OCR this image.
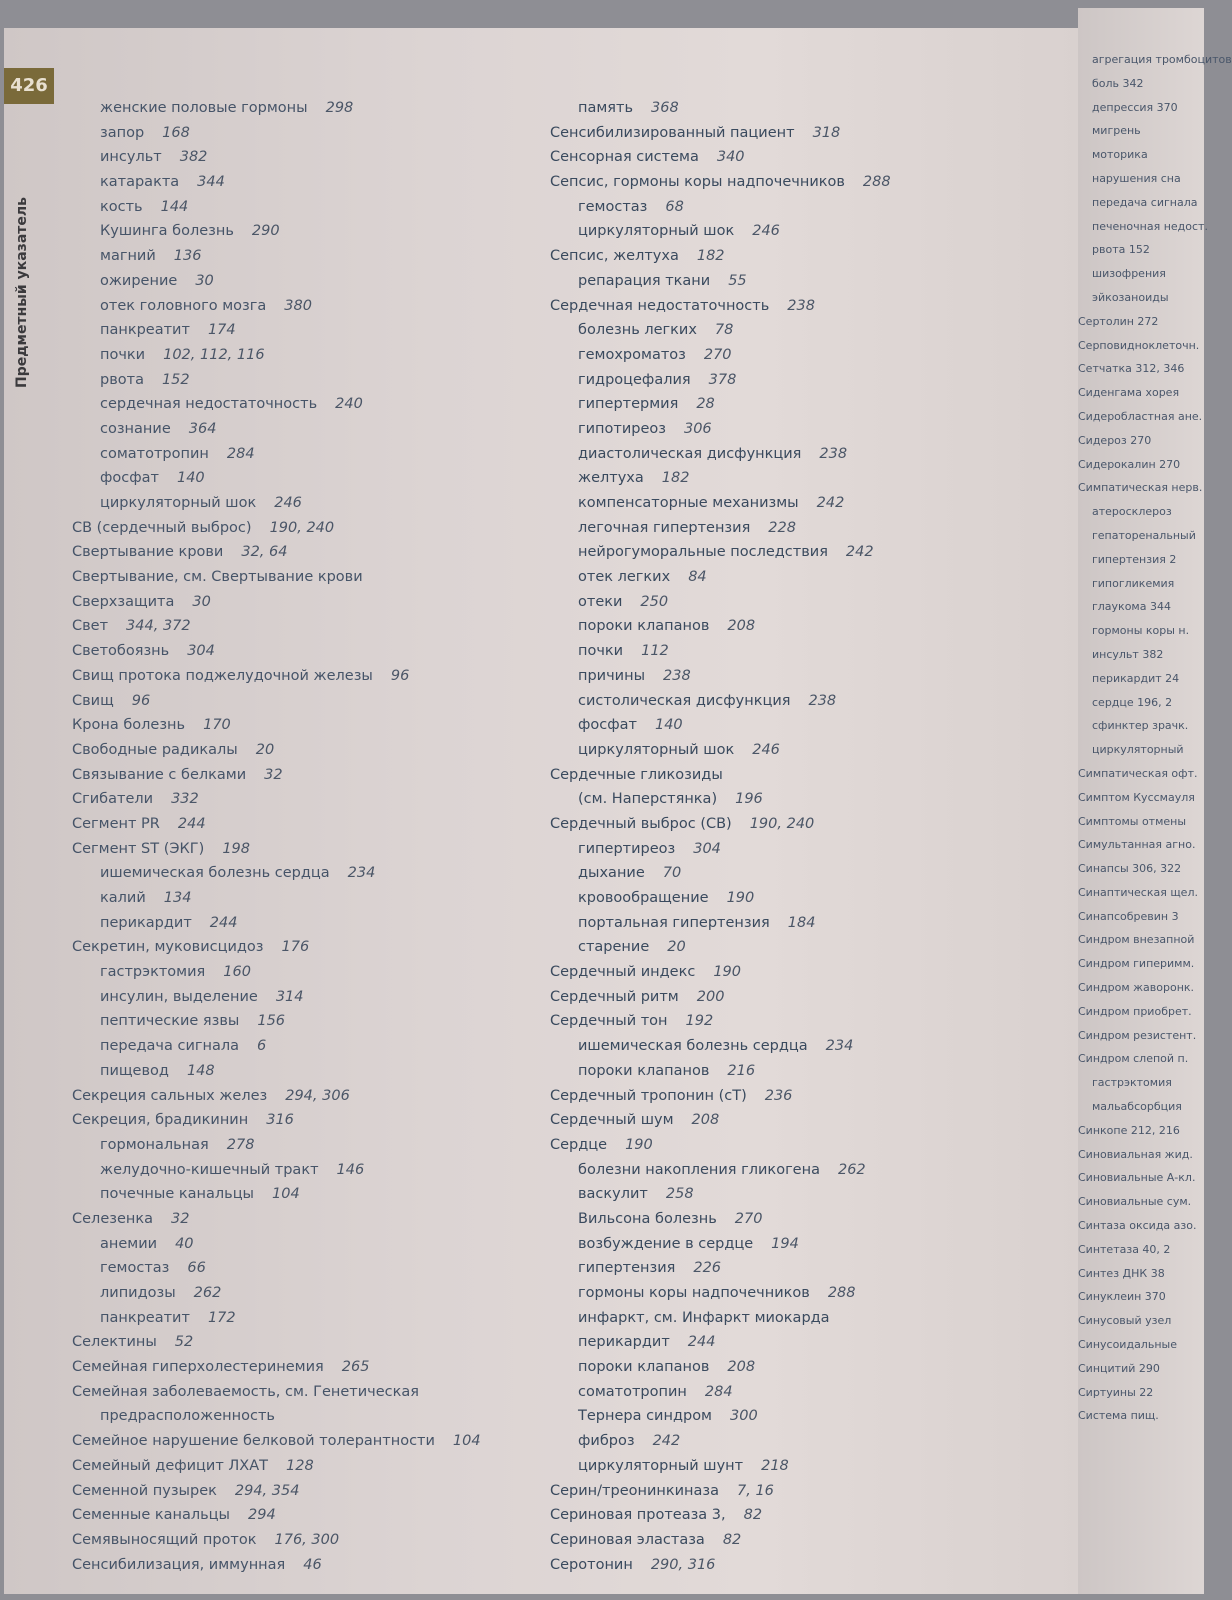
426
Предметный указатель
женские половые гормоны 298
запор 168
инсульт 382
катаракта 344
кость 144
Кушинга болезнь 290
магний 136
ожирение 30
отек головного мозга 380
панкреатит 174
почки 102, 112, 116
рвота 152
сердечная недостаточность 240
сознание 364
соматотропин 284
фосфат 140
циркуляторный шок 246
СВ (сердечный выброс) 190, 240
Свертывание крови 32, 64
Свертывание, см. Свертывание крови
Сверхзащита 30
Свет 344, 372
Светобоязнь 304
Свищ протока поджелудочной железы 96
Свищ 96
Крона болезнь 170
Свободные радикалы 20
Связывание с белками 32
Сгибатели 332
Сегмент PR 244
Сегмент ST (ЭКГ) 198
ишемическая болезнь сердца 234
калий 134
перикардит 244
Секретин, муковисцидоз 176
гастрэктомия 160
инсулин, выделение 314
пептические язвы 156
передача сигнала 6
пищевод 148
Секреция сальных желез 294, 306
Секреция, брадикинин 316
гормональная 278
желудочно-кишечный тракт 146
почечные канальцы 104
Селезенка 32
анемии 40
гемостаз 66
липидозы 262
панкреатит 172
Селектины 52
Семейная гиперхолестеринемия 265
Семейная заболеваемость, см. Генетическая
предрасположенность
Семейное нарушение белковой толерантности 104
Семейный дефицит ЛХАТ 128
Семенной пузырек 294, 354
Семенные канальцы 294
Семявыносящий проток 176, 300
Сенсибилизация, иммунная 46
память 368
Сенсибилизированный пациент 318
Сенсорная система 340
Сепсис, гормоны коры надпочечников 288
гемостаз 68
циркуляторный шок 246
Сепсис, желтуха 182
репарация ткани 55
Сердечная недостаточность 238
болезнь легких 78
гемохроматоз 270
гидроцефалия 378
гипертермия 28
гипотиреоз 306
диастолическая дисфункция 238
желтуха 182
компенсаторные механизмы 242
легочная гипертензия 228
нейрогуморальные последствия 242
отек легких 84
отеки 250
пороки клапанов 208
почки 112
причины 238
систолическая дисфункция 238
фосфат 140
циркуляторный шок 246
Сердечные гликозиды
(см. Наперстянка) 196
Сердечный выброс (СВ) 190, 240
гипертиреоз 304
дыхание 70
кровообращение 190
портальная гипертензия 184
старение 20
Сердечный индекс 190
Сердечный ритм 200
Сердечный тон 192
ишемическая болезнь сердца 234
пороки клапанов 216
Сердечный тропонин (cT) 236
Сердечный шум 208
Сердце 190
болезни накопления гликогена 262
васкулит 258
Вильсона болезнь 270
возбуждение в сердце 194
гипертензия 226
гормоны коры надпочечников 288
инфаркт, см. Инфаркт миокарда
перикардит 244
пороки клапанов 208
соматотропин 284
Тернера синдром 300
фиброз 242
циркуляторный шунт 218
Серин/треонинкиназа 7, 16
Сериновая протеаза 3, 82
Сериновая эластаза 82
Серотонин 290, 316
агрегация тромбоцитов
боль 342
депрессия 370
мигрень
моторика
нарушения сна
передача сигнала
печеночная недост.
рвота 152
шизофрения
эйкозаноиды
Сертолин 272
Серповидноклеточн.
Сетчатка 312, 346
Сиденгама хорея
Сидеробластная ане.
Сидероз 270
Сидерокалин 270
Симпатическая нерв.
атеросклероз
гепаторенальный
гипертензия 2
гипогликемия
глаукома 344
гормоны коры н.
инсульт 382
перикардит 24
сердце 196, 2
сфинктер зрачк.
циркуляторный
Симпатическая офт.
Симптом Куссмауля
Симптомы отмены
Симультанная агно.
Синапсы 306, 322
Синаптическая щел.
Синапсобревин 3
Синдром внезапной
Синдром гиперимм.
Синдром жаворонк.
Синдром приобрет.
Синдром резистент.
Синдром слепой п.
гастрэктомия
мальабсорбция
Синкопе 212, 216
Синовиальная жид.
Синовиальные А-кл.
Синовиальные сум.
Синтаза оксида азо.
Синтетаза 40, 2
Синтез ДНК 38
Синуклеин 370
Синусовый узел
Синусоидальные
Синцитий 290
Сиртуины 22
Система пищ.
